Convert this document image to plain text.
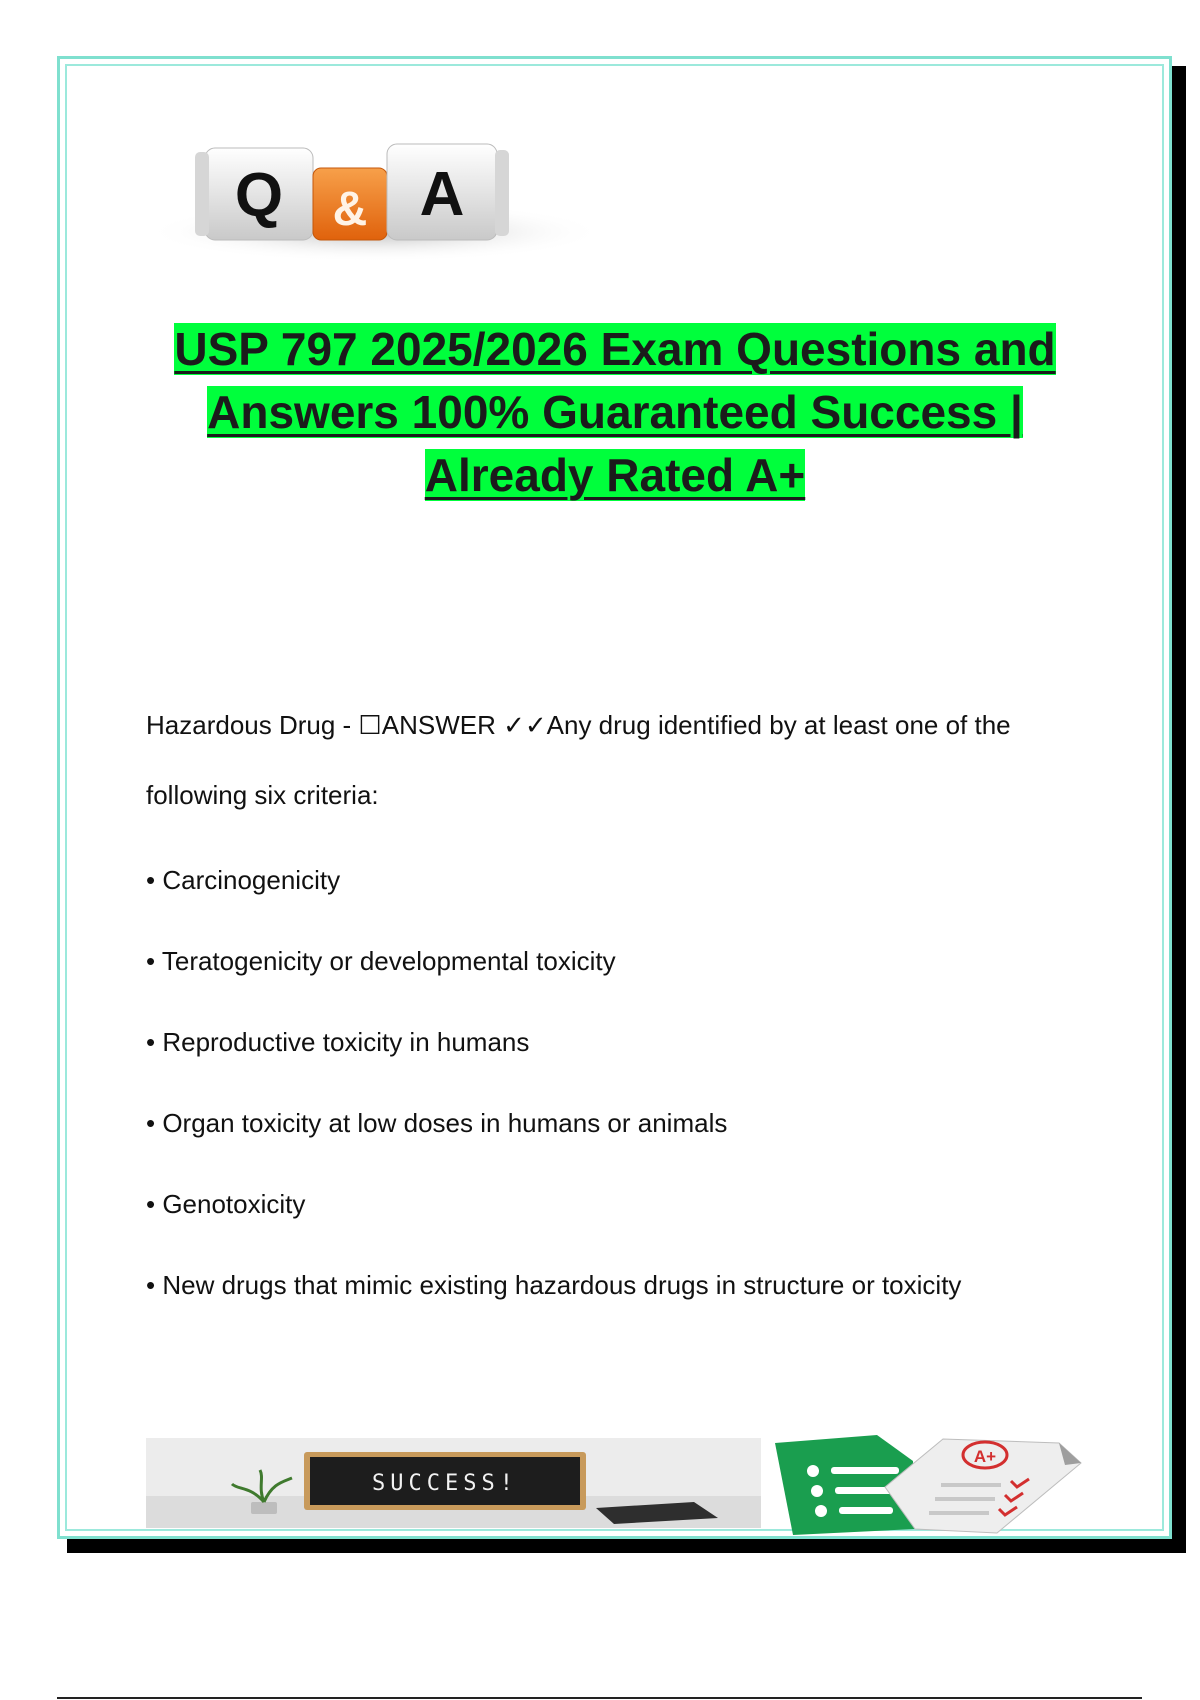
Q & A
USP 797 2025/2026 Exam Questions and
Answers 100% Guaranteed Success |
Already Rated A+

Hazardous Drug - ☐ANSWER ✓✓Any drug identified by at least one of the
following six criteria:

• Carcinogenicity
• Teratogenicity or developmental toxicity
• Reproductive toxicity in humans
• Organ toxicity at low doses in humans or animals
• Genotoxicity
• New drugs that mimic existing hazardous drugs in structure or toxicity
SUCCESS!
A+
